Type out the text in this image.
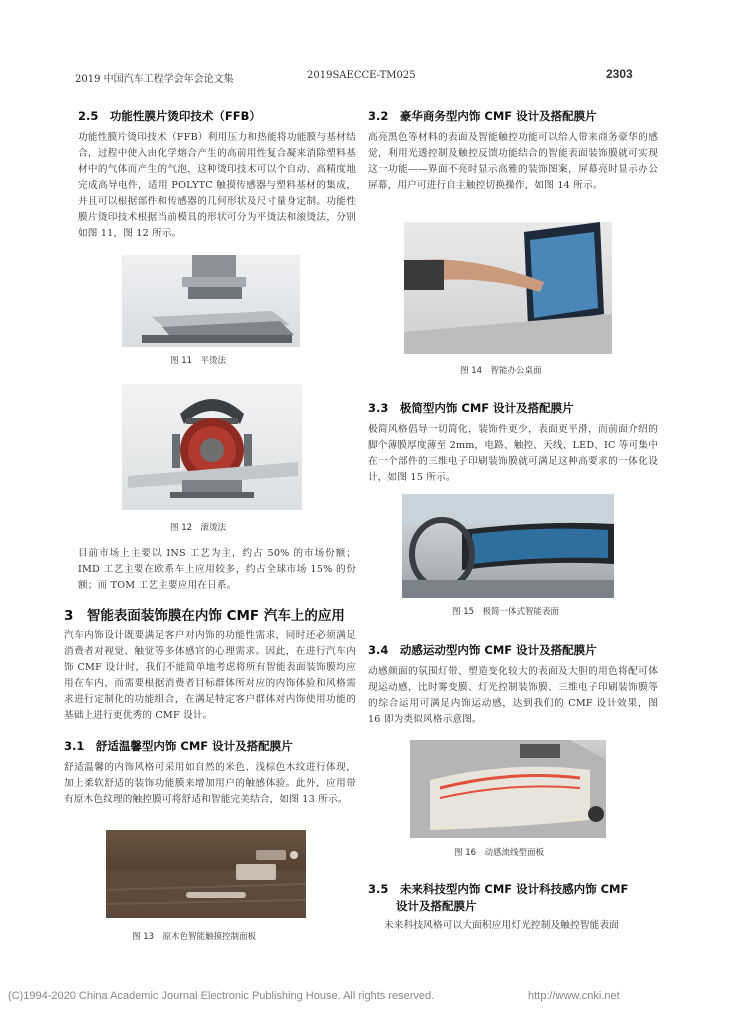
2019 中国汽车工程学会年会论文集	2019SAECCE-TM025	2303
2.5　功能性膜片烫印技术（FFB）
功能性膜片烫印技术（FFB）利用压力和热能将功能膜与基材结合，过程中使入由化学熔合产生的高前用性复合凝来消除塑料基材中的气体而产生的气泡，这种烫印技术可以个自动、高精度地完成高导电件，适用 POLYTC 触摸传感器与塑料基材的集成，并且可以根据部件和传感器的几何形状及尺寸量身定制。功能性膜片烫印技术根据当前模具的形状可分为平烫法和滚烫法，分别如图 11，图 12 所示。
图 11　平烫法
图 12　滚烫法
目前市场上主要以 INS 工艺为主，约占 50% 的市场份额；IMD 工艺主要在欧系车上应用较多，约占全球市场 15% 的份额；而 TOM 工艺主要应用在日系。
3　智能表面装饰膜在内饰 CMF 汽车上的应用
汽车内饰设计既要满足客户对内饰的功能性需求，同时还必须满足消费者对视觉、触觉等多体感官的心理需求。因此，在进行汽车内饰 CMF 设计时，我们不能简单地考虑将所有智能表面装饰膜均应用在车内，而需要根据消费者目标群体所对应的内饰体验和风格需求进行定制化的功能组合，在满足特定客户群体对内饰使用功能的基础上进行更优秀的 CMF 设计。
3.1　舒适温馨型内饰 CMF 设计及搭配膜片
舒适温馨的内饰风格可采用如自然的米色、浅棕色木纹进行体现，加上柔软舒适的装饰功能膜来增加用户的触感体验。此外，应用带有原木色纹理的触控膜可将舒适和智能完美结合，如图 13 所示。
图 13　原木色智能触摸控制面板
3.2　豪华商务型内饰 CMF 设计及搭配膜片
高亮黑色等材料的表面及智能触控功能可以给人带来商务豪华的感觉，利用光透控制及触控反馈功能结合的智能表面装饰膜就可实现这一功能——界面不亮时显示高雅的装饰图案，屏幕亮时显示办公屏幕，用户可进行自主触控切换操作，如图 14 所示。
图 14　智能办公桌面
3.3　极简型内饰 CMF 设计及搭配膜片
极简风格倡导一切简化，装饰件更少，表面更平滑，而前面介绍的脚个薄膜厚度薄至 2mm，电路、触控、天线、LED、IC 等可集中在一个部件的三维电子印刷装饰膜就可满足这种高要求的一体化设计，如图 15 所示。
图 15　极简一体式智能表面
3.4　动感运动型内饰 CMF 设计及搭配膜片
动感颜面的氛围灯带、塑造变化较大的表面及大胆的用色将配可体现运动感，比时雾变膜、灯光控制装饰膜、三维电子印刷装饰膜等的综合运用可满足内饰运动感，达到我们的 CMF 设计效果，图 16 即为类似风格示意图。
图 16　动感流线型面板
3.5　未来科技型内饰 CMF 设计科技感内饰 CMF
设计及搭配膜片
未来科技风格可以大面积应用灯光控制及触控智能表面
(C)1994-2020 China Academic Journal Electronic Publishing House. All rights reserved.	http://www.cnki.net
